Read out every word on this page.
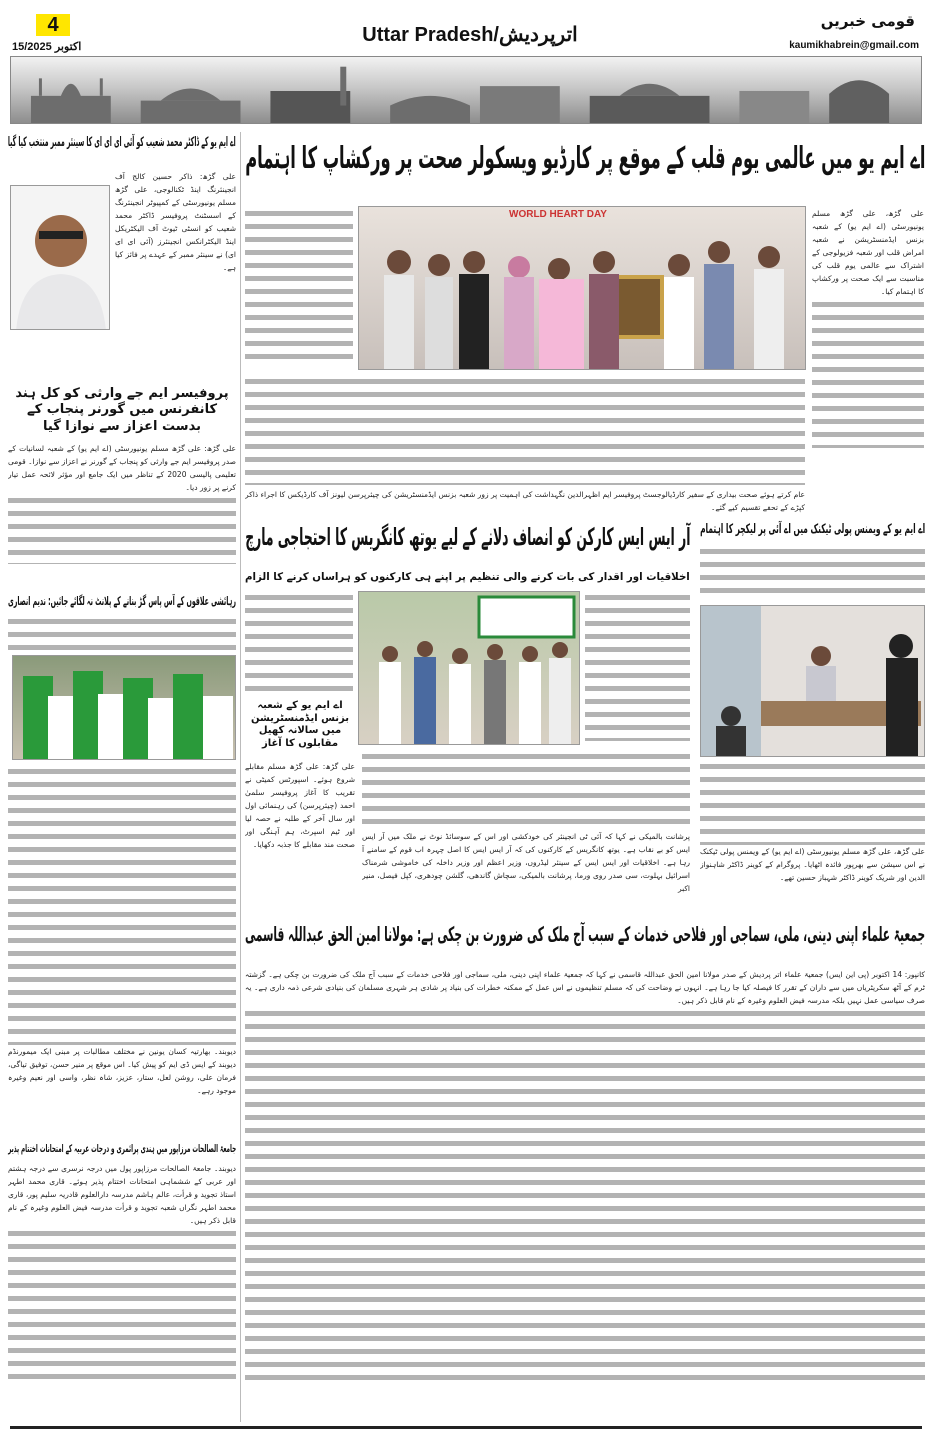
4
15/اکتوبر 2025
Uttar Pradesh/اترپردیش
قومی خبریں
kaumikhabrein@gmail.com
اے ایم یو میں عالمی یوم قلب کے موقع پر کارڈیو ویسکولر صحت پر ورکشاپ کا اہتمام
علی گڑھ، علی گڑھ مسلم یونیورسٹی (اے ایم یو) کے شعبہ بزنس ایڈمنسٹریشن نے شعبہ امراض قلب اور شعبہ فزیولوجی کے اشتراک سے عالمی یوم قلب کی مناسبت سے ایک صحت پر ورکشاپ کا اہتمام کیا۔
WORLD HEART DAY
عام کرتے ہوئے صحت بیداری کے سفیر کارڈیالوجسٹ پروفیسر ایم اظہرالدین نگہداشت کی اہمیت پر زور شعبہ بزنس ایڈمنسٹریشن کی چیئرپرسن لیونز آف کارڈیکس کا اجراء ذاکر کپڑے کے تحفے تقسیم کیے گئے۔
اے ایم یو کے ویمنس پولی ٹیکنک میں اے آئی پر لیکچر کا اہتمام
علی گڑھ، علی گڑھ مسلم یونیورسٹی (اے ایم یو) کے ویمنس پولی ٹیکنک نے اس سیشن سے بھرپور فائدہ اٹھایا۔ پروگرام کے کوینر ڈاکٹر شاہنواز الدین اور شریک کوینر ڈاکٹر شہباز حسین تھے۔
آر ایس ایس کارکن کو انصاف دلانے کے لیے یوتھ کانگریس کا احتجاجی مارچ
اخلاقیات اور اقدار کی بات کرنے والی تنظیم پر اپنے ہی کارکنوں کو ہراساں کرنے کا الزام
پرشانت بالمیکی نے کہا کہ آئی ٹی انجینئر کی خودکشی اور اس کے سوسائڈ نوٹ نے ملک میں آر ایس ایس کو بے نقاب ہے۔ یوتھ کانگریس کے کارکنوں کی کہ آر ایس ایس کا اصل چہرہ اب قوم کے سامنے آ رہا ہے۔ اخلاقیات اور ایس ایس کے سینئر لیڈروں، وزیر اعظم اور وزیر داخلہ کی خاموشی شرمناک اسرائیل بہلوت، سی صدر روی ورما، پرشانت بالمیکی، سچاش گاندھی، گلشن چودھری، کپل فیصل، منیر اکبر
اے ایم یو کے شعبہ بزنس ایڈمنسٹریشن میں سالانہ کھیل مقابلوں کا آغاز
علی گڑھ: علی گڑھ مسلم مقابلے شروع ہوئے۔ اسپورٹس کمیٹی نے تقریب کا آغاز پروفیسر سلمیٰ احمد (چیئرپرسن) کی رہنمائی اول اور سال آخر کے طلبہ نے حصہ لیا اور ٹیم اسپرٹ، ہم آہنگی اور صحت مند مقابلے کا جذبہ دکھایا۔
جمعیۃ علماء اپنی دینی، ملی، سماجی اور فلاحی خدمات کے سبب آج ملک کی ضرورت بن چکی ہے: مولانا امین الحق عبداللہ قاسمی
کانپور: 14 اکتوبر (پی این ایس) جمعیۃ علماء اتر پردیش کے صدر مولانا امین الحق عبداللہ قاسمی نے کہا کہ جمعیۃ علماء اپنی دینی، ملی، سماجی اور فلاحی خدمات کے سبب آج ملک کی ضرورت بن چکی ہے۔ گزشتہ ٹرم کے آٹھ سکریٹریاں میں سے داران کے تقرر کا فیصلہ کیا جا رہا ہے۔ انہوں نے وضاحت کی کہ مسلم تنظیموں نے اس عمل کے ممکنہ خطرات کی بنیاد پر شادی ہر شہری مسلمان کی بنیادی شرعی ذمہ داری ہے۔ یہ صرف سیاسی عمل نہیں بلکہ مدرسہ فیض العلوم وغیرہ کے نام قابل ذکر ہیں۔
اے ایم یو کے ڈاکٹر محمد شعیب کو آئی ای ای ای کا سینئر ممبر منتخب کیا گیا
علی گڑھ: ذاکر حسین کالج آف انجینئرنگ اینڈ ٹکنالوجی، علی گڑھ مسلم یونیورسٹی کے کمپیوٹر انجینئرنگ کے اسسٹنٹ پروفیسر ڈاکٹر محمد شعیب کو انسٹی ٹیوٹ آف الیکٹریکل اینڈ الیکٹرانکس انجینئرز (آئی ای ای ای) نے سینئر ممبر کے عہدے پر فائز کیا ہے۔
پروفیسر ایم جے وارثی کو کل ہند کانفرنس میں گورنر پنجاب کے بدست اعزاز سے نوازا گیا
علی گڑھ: علی گڑھ مسلم یونیورسٹی (اے ایم یو) کے شعبہ لسانیات کے صدر پروفیسر ایم جے وارثی کو پنجاب کے گورنر نے اعزاز سے نوازا۔ قومی تعلیمی پالیسی 2020 کے تناظر میں ایک جامع اور مؤثر لائحہ عمل تیار کرنے پر زور دیا۔
رہائشی علاقوں کے آس پاس گڑ بنانے کے پلانٹ نہ لگائے جائیں: ندیم انصاری
دیوبند۔ بھارتیہ کسان یونین نے مختلف مطالبات پر مبنی ایک میمورنڈم دیوبند کے ایس ڈی ایم کو پیش کیا۔ اس موقع پر منیر حسن، توفیق تیاگی، فرمان علی، روشن لعل، ستار، عزیز، شاہ نظر، واسی اور نعیم وغیرہ موجود رہے۔
جامعۃ الصالحات مرزاپور میں ہندی پرائمری و درجات عربیہ کے امتحانات اختتام پذیر
دیوبند۔ جامعۃ الصالحات مرزاپور پول میں درجہ نرسری سے درجہ ہشتم اور عربی کے ششماہی امتحانات اختتام پذیر ہوئے۔ قاری محمد اطہر استاذ تجوید و قرأت، عالم ہاشم مدرسہ دارالعلوم قادریہ سلیم پور، قاری محمد اطہر نگراں شعبہ تجوید و قرأت مدرسہ فیض العلوم وغیرہ کے نام قابل ذکر ہیں۔
